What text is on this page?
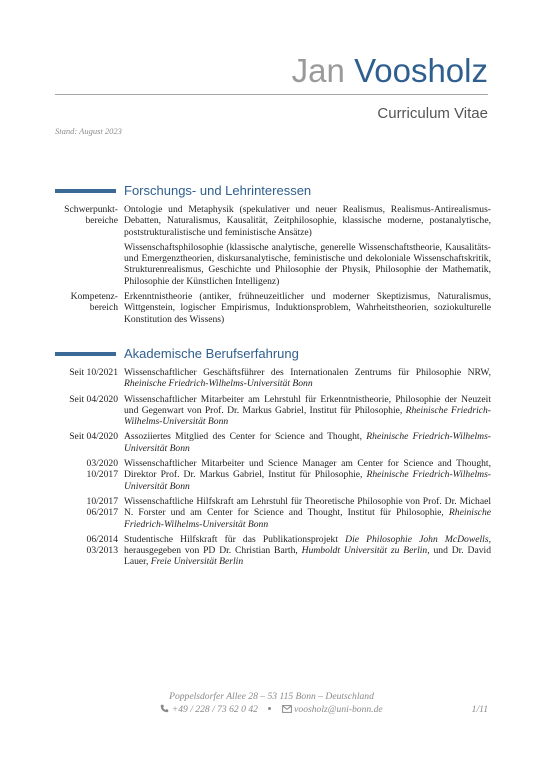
Jan Voosholz
Curriculum Vitae
Stand: August 2023
Forschungs- und Lehrinteressen
Schwerpunkt-
bereiche

Ontologie und Metaphysik (spekulativer und neuer Realismus, Realismus-Antirealismus-Debatten, Naturalismus, Kausalität, Zeitphilosophie, klassische moderne, postanalytische, poststrukturalistische und feministische Ansätze)

Wissenschaftsphilosophie (klassische analytische, generelle Wissenschaftstheorie, Kausalitäts- und Emergenztheorien, diskursanalytische, feministische und dekoloniale Wissenschaftskritik, Strukturenrealismus, Geschichte und Philosophie der Physik, Philosophie der Mathematik, Philosophie der Künstlichen Intelligenz)

Kompetenz-
bereich

Erkenntnistheorie (antiker, frühneuzeitlicher und moderner Skeptizismus, Naturalismus, Wittgenstein, logischer Empirismus, Induktionsproblem, Wahrheitstheorien, soziokulturelle Konstitution des Wissens)

Akademische Berufserfahrung
Seit 10/2021 Wissenschaftlicher Geschäftsführer des Internationalen Zentrums für Philosophie NRW, Rheinische Friedrich-Wilhelms-Universität Bonn
Seit 04/2020 Wissenschaftlicher Mitarbeiter am Lehrstuhl für Erkenntnistheorie, Philosophie der Neuzeit und Gegenwart von Prof. Dr. Markus Gabriel, Institut für Philosophie, Rheinische Friedrich-Wilhelms-Universität Bonn
Seit 04/2020 Assoziiertes Mitglied des Center for Science and Thought, Rheinische Friedrich-Wilhelms-Universität Bonn
03/2020
10/2017
Wissenschaftlicher Mitarbeiter und Science Manager am Center for Science and Thought, Direktor Prof. Dr. Markus Gabriel, Institut für Philosophie, Rheinische Friedrich-Wilhelms-Universität Bonn
10/2017
06/2017
Wissenschaftliche Hilfskraft am Lehrstuhl für Theoretische Philosophie von Prof. Dr. Michael N. Forster und am Center for Science and Thought, Institut für Philosophie, Rheinische Friedrich-Wilhelms-Universität Bonn
06/2014
03/2013
Studentische Hilfskraft für das Publikationsprojekt Die Philosophie John McDowells, herausgegeben von PD Dr. Christian Barth, Humboldt Universität zu Berlin, und Dr. David Lauer, Freie Universität Berlin
Poppelsdorfer Allee 28 – 53 115 Bonn – Deutschland
+49 / 228 / 73 62 0 42	voosholz@uni-bonn.de	1/11
